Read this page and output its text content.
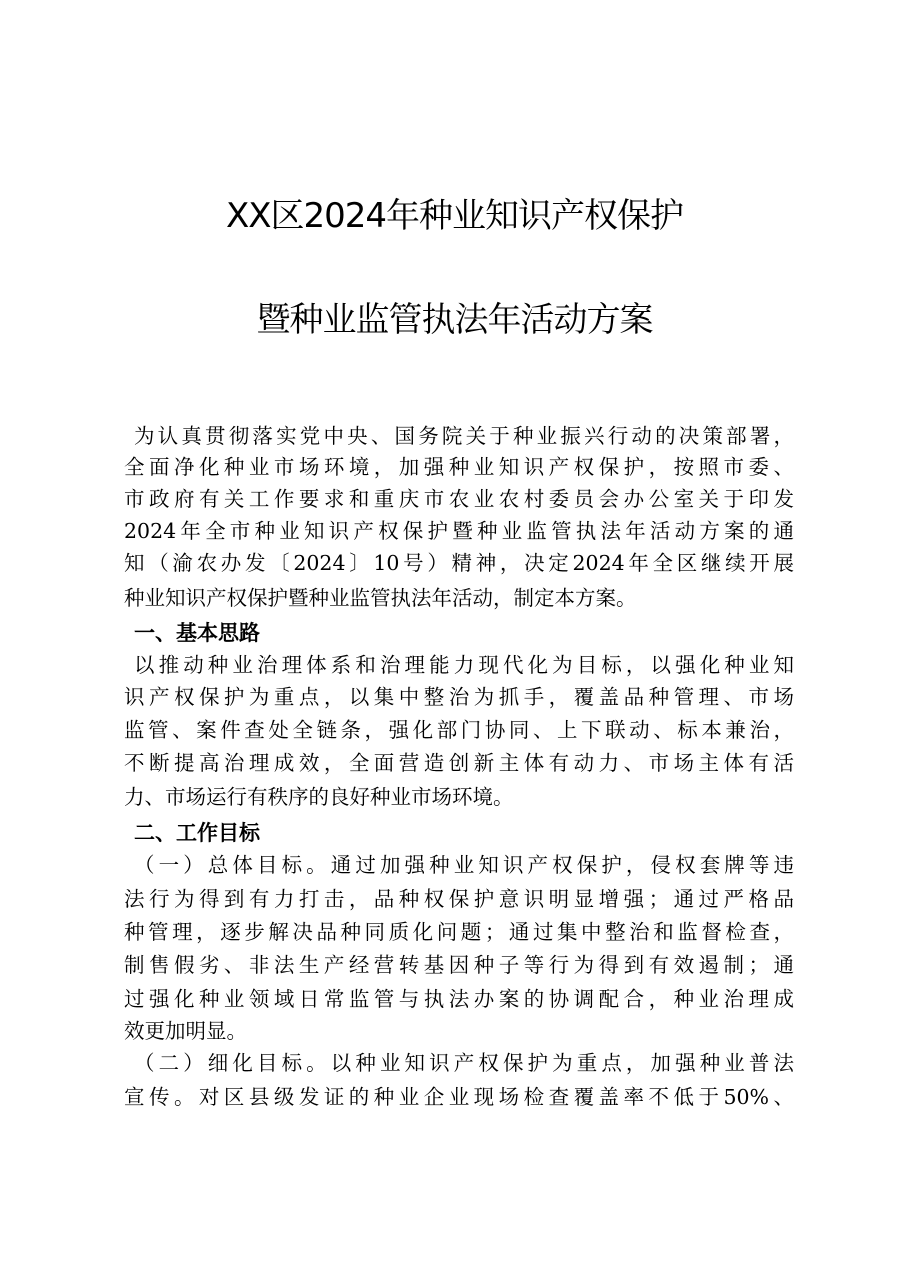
XX区2024年种业知识产权保护
暨种业监管执法年活动方案
为认真贯彻落实党中央、国务院关于种业振兴行动的决策部署，
全面净化种业市场环境，加强种业知识产权保护，按照市委、
市政府有关工作要求和重庆市农业农村委员会办公室关于印发
2024年全市种业知识产权保护暨种业监管执法年活动方案的通
知（渝农办发〔2024〕10号）精神，决定2024年全区继续开展
种业知识产权保护暨种业监管执法年活动，制定本方案。
一、基本思路
以推动种业治理体系和治理能力现代化为目标，以强化种业知
识产权保护为重点，以集中整治为抓手，覆盖品种管理、市场
监管、案件查处全链条，强化部门协同、上下联动、标本兼治，
不断提高治理成效，全面营造创新主体有动力、市场主体有活
力、市场运行有秩序的良好种业市场环境。
二、工作目标
（一）总体目标。通过加强种业知识产权保护，侵权套牌等违
法行为得到有力打击，品种权保护意识明显增强；通过严格品
种管理，逐步解决品种同质化问题；通过集中整治和监督检查，
制售假劣、非法生产经营转基因种子等行为得到有效遏制；通
过强化种业领域日常监管与执法办案的协调配合，种业治理成
效更加明显。
（二）细化目标。以种业知识产权保护为重点，加强种业普法
宣传。对区县级发证的种业企业现场检查覆盖率不低于50%、
